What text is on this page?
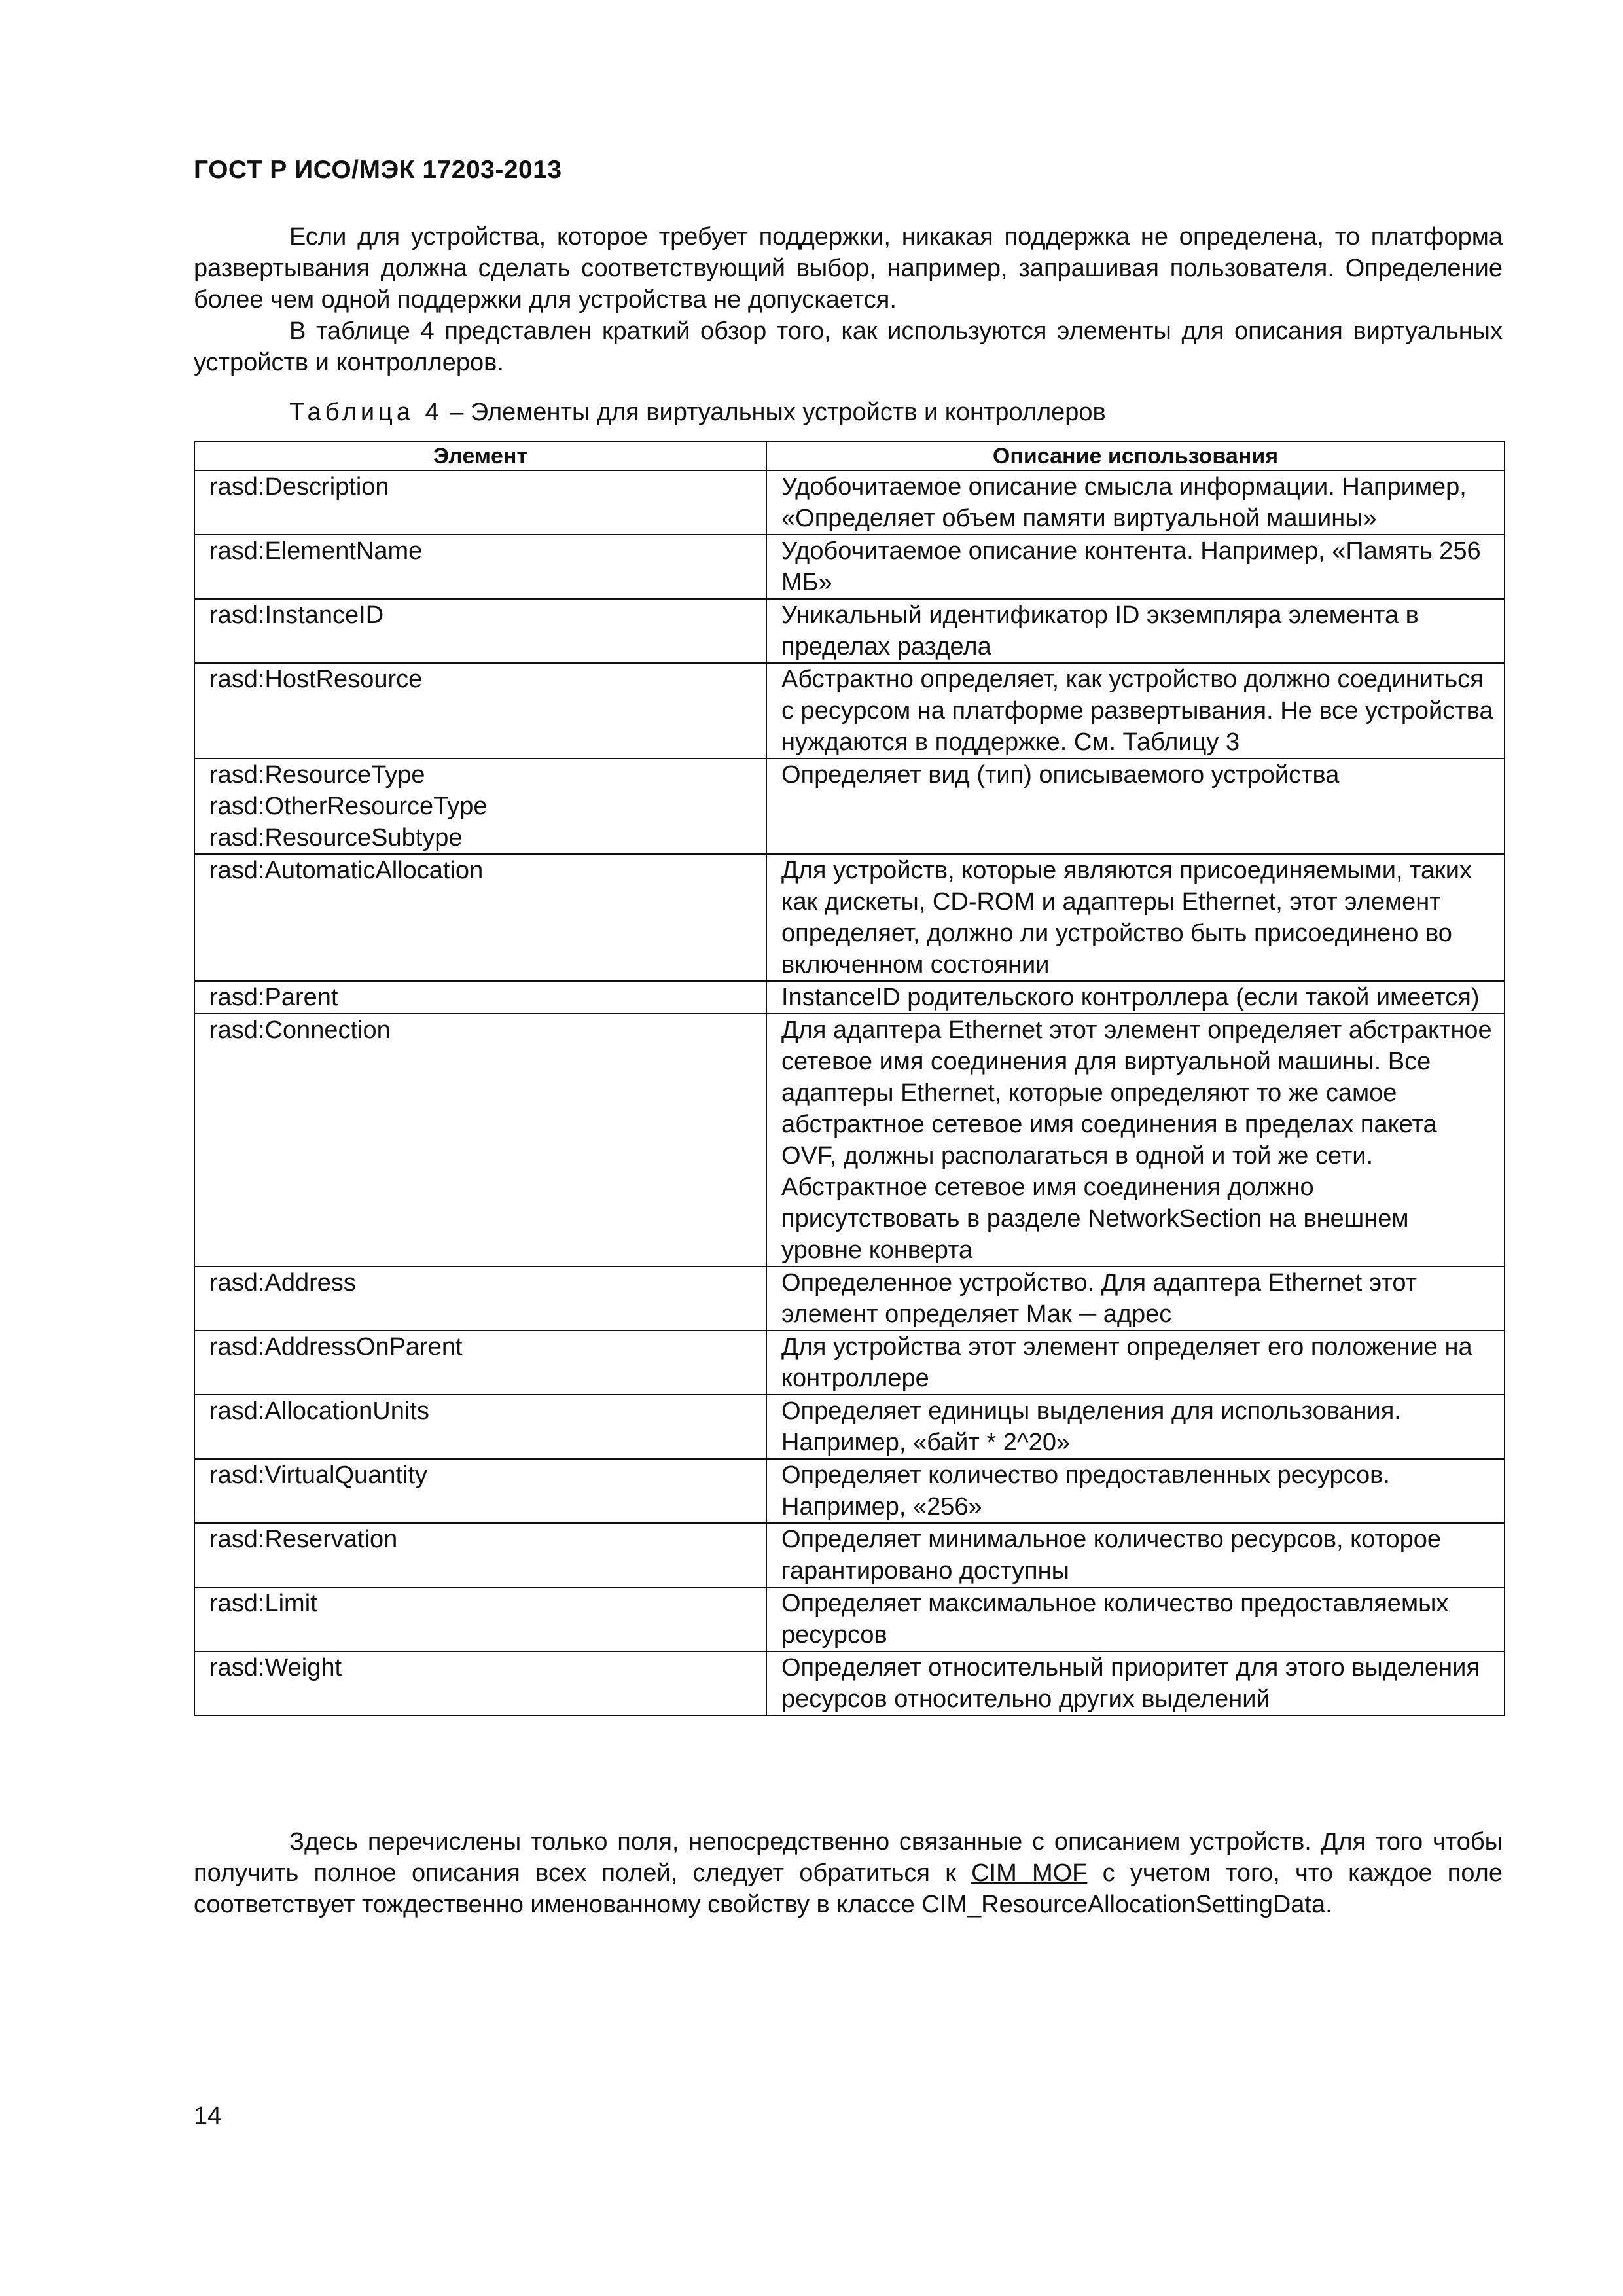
ГОСТ Р ИСО/МЭК 17203-2013

Если для устройства, которое требует поддержки, никакая поддержка не определена, то платформа развертывания должна сделать соответствующий выбор, например, запрашивая пользователя. Определение более чем одной поддержки для устройства не допускается.

В таблице 4 представлен краткий обзор того, как используются элементы для описания виртуальных устройств и контроллеров.

Таблица 4 – Элементы для виртуальных устройств и контроллеров
Элемент	Описание использования

rasd:Description	Удобочитаемое описание смысла информации. Например, «Определяет объем памяти виртуальной машины»

rasd:ElementName	Удобочитаемое описание контента. Например, «Память 256 МБ»

rasd:InstanceID	Уникальный идентификатор ID экземпляра элемента в пределах раздела

rasd:HostResource	Абстрактно определяет, как устройство должно соединиться с ресурсом на платформе развертывания. Не все устройства нуждаются в поддержке. См. Таблицу 3

rasd:ResourceType
rasd:OtherResourceType
rasd:ResourceSubtype	Определяет вид (тип) описываемого устройства

rasd:AutomaticAllocation	Для устройств, которые являются присоединяемыми, таких как дискеты, CD-ROM и адаптеры Ethernet, этот элемент определяет, должно ли устройство быть присоединено во включенном состоянии

rasd:Parent	InstanceID родительского контроллера (если такой имеется)

rasd:Connection	Для адаптера Ethernet этот элемент определяет абстрактное сетевое имя соединения для виртуальной машины. Все адаптеры Ethernet, которые определяют то же самое абстрактное сетевое имя соединения в пределах пакета OVF, должны располагаться в одной и той же сети. Абстрактное сетевое имя соединения должно присутствовать в разделе NetworkSection на внешнем уровне конверта

rasd:Address	Определенное устройство. Для адаптера Ethernet этот элемент определяет Мак ─ адрес

rasd:AddressOnParent	Для устройства этот элемент определяет его положение на контроллере

rasd:AllocationUnits	Определяет единицы выделения для использования. Например, «байт * 2^20»

rasd:VirtualQuantity	Определяет количество предоставленных ресурсов. Например, «256»

rasd:Reservation	Определяет минимальное количество ресурсов, которое гарантировано доступны

rasd:Limit	Определяет максимальное количество предоставляемых ресурсов

rasd:Weight	Определяет относительный приоритет для этого выделения ресурсов относительно других выделений

Здесь перечислены только поля, непосредственно связанные с описанием устройств. Для того чтобы получить полное описания всех полей, следует обратиться к CIM MOF с учетом того, что каждое поле соответствует тождественно именованному свойству в классе CIM_ResourceAllocationSettingData.

14
